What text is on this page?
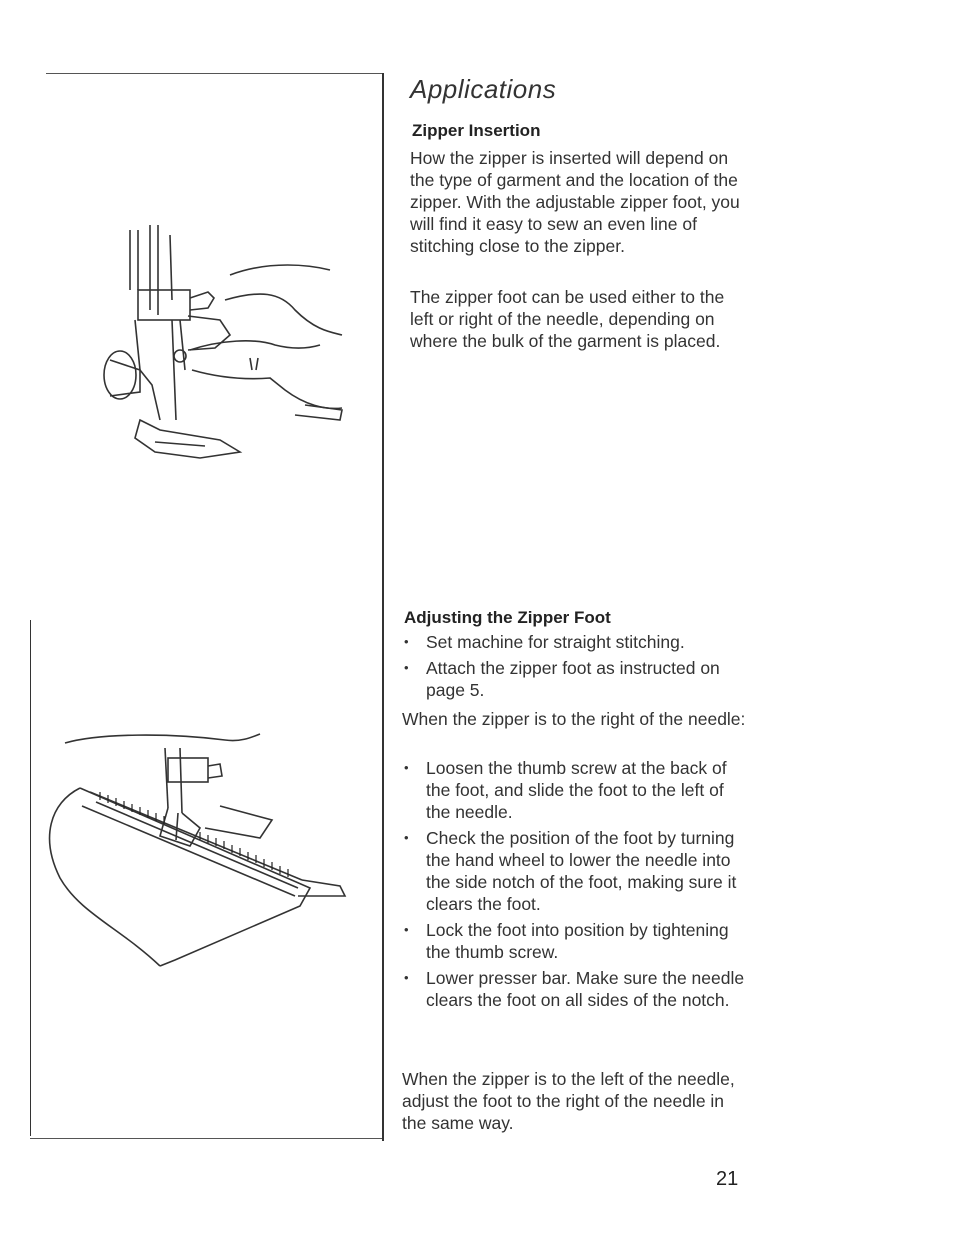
Applications
Zipper Insertion
How the zipper is inserted will depend on the type of garment and the location of the zipper. With the adjustable zipper foot, you will find it easy to sew an even line of stitching close to the zipper.
The zipper foot can be used either to the left or right of the needle, depending on where the bulk of the garment is placed.
Adjusting the Zipper Foot
• Set machine for straight stitching.
• Attach the zipper foot as instructed on page 5.
When the zipper is to the right of the needle:
• Loosen the thumb screw at the back of the foot, and slide the foot to the left of the needle.
• Check the position of the foot by turning the hand wheel to lower the needle into the side notch of the foot, making sure it clears the foot.
• Lock the foot into position by tightening the thumb screw.
• Lower presser bar. Make sure the needle clears the foot on all sides of the notch.
When the zipper is to the left of the needle, adjust the foot to the right of the needle in the same way.
21
